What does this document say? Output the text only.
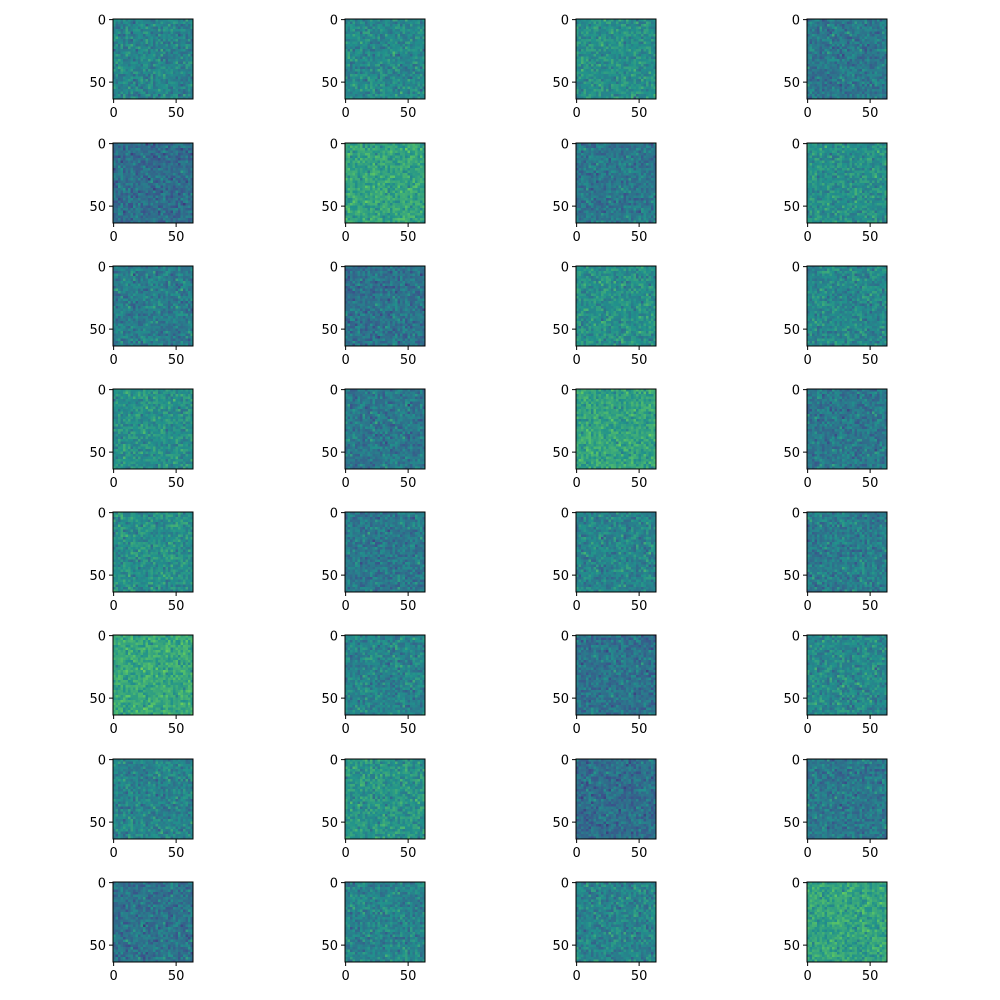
0	50
0
50
0	50
0
50
0	50
0
50
0	50
0
50
0	50
0
50
0	50
0
50
0	50
0
50
0	50
0
50
0	50
0
50
0	50
0
50
0	50
0
50
0	50
0
50
0	50
0
50
0	50
0
50
0	50
0
50
0	50
0
50
0	50
0
50
0	50
0
50
0	50
0
50
0	50
0
50
0	50
0
50
0	50
0
50
0	50
0
50
0	50
0
50
0	50
0
50
0	50
0
50
0	50
0
50
0	50
0
50
0	50
0
50
0	50
0
50
0	50
0
50
0	50
0
50
